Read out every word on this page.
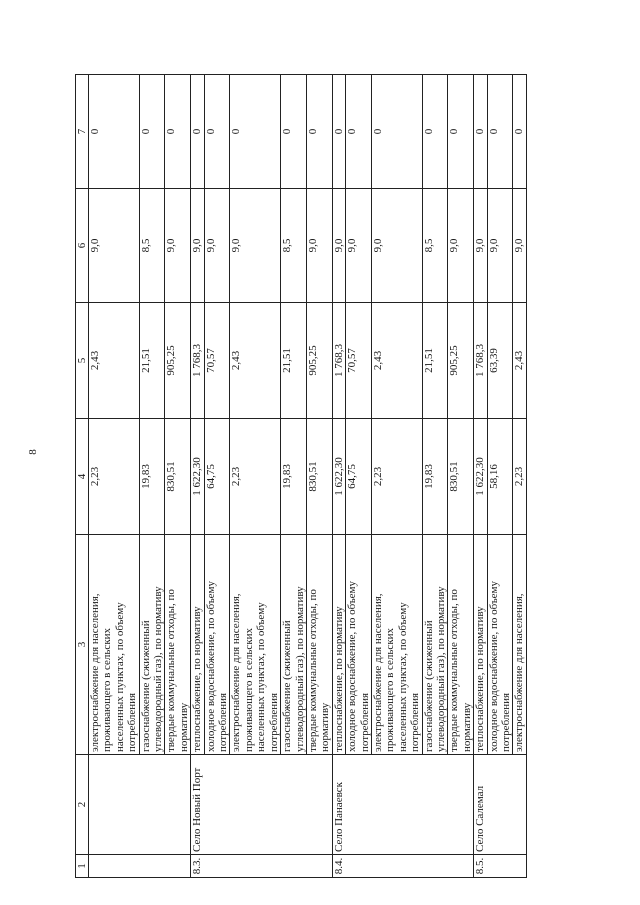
8
1	2	3	4	5	6	7
		электроснабжение для населения,
проживающего в сельских
населенных пунктах, по объему
потребления	2,23	2,43	9,0	0
		газоснабжение (сжиженный
углеводородный газ), по нормативу	19,83	21,51	8,5	0
		твердые коммунальные отходы, по
нормативу	830,51	905,25	9,0	0
8.3.	Село Новый Порт	теплоснабжение, по нормативу	1 622,30	1 768,3	9,0	0
		холодное водоснабжение, по объему
потребления	64,75	70,57	9,0	0
		электроснабжение для населения,
проживающего в сельских
населенных пунктах, по объему
потребления	2,23	2,43	9,0	0
		газоснабжение (сжиженный
углеводородный газ), по нормативу	19,83	21,51	8,5	0
		твердые коммунальные отходы, по
нормативу	830,51	905,25	9,0	0
8.4.	Село Панаевск	теплоснабжение, по нормативу	1 622,30	1 768,3	9,0	0
		холодное водоснабжение, по объему
потребления	64,75	70,57	9,0	0
		электроснабжение для населения,
проживающего в сельских
населенных пунктах, по объему
потребления	2,23	2,43	9,0	0
		газоснабжение (сжиженный
углеводородный газ), по нормативу	19,83	21,51	8,5	0
		твердые коммунальные отходы, по
нормативу	830,51	905,25	9,0	0
8.5.	Село Салемал	теплоснабжение, по нормативу	1 622,30	1 768,3	9,0	0
		холодное водоснабжение, по объему
потребления	58,16	63,39	9,0	0
		электроснабжение для населения,	2,23	2,43	9,0	0
